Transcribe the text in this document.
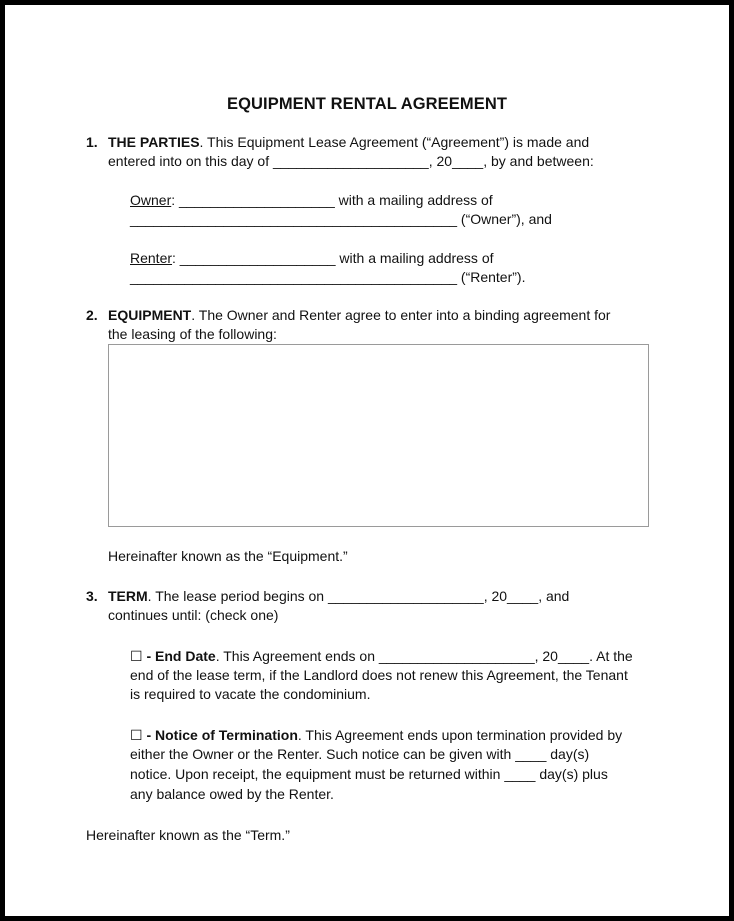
EQUIPMENT RENTAL AGREEMENT
1. THE PARTIES. This Equipment Lease Agreement (“Agreement”) is made and
entered into on this day of ____________________, 20____, by and between:
Owner: ____________________ with a mailing address of
__________________________________________ (“Owner”), and
Renter: ____________________ with a mailing address of
__________________________________________ (“Renter”).
2. EQUIPMENT. The Owner and Renter agree to enter into a binding agreement for
the leasing of the following:
Hereinafter known as the “Equipment.”
3. TERM. The lease period begins on ____________________, 20____, and
continues until: (check one)
☐ - End Date. This Agreement ends on ____________________, 20____. At the
end of the lease term, if the Landlord does not renew this Agreement, the Tenant
is required to vacate the condominium.
☐ - Notice of Termination. This Agreement ends upon termination provided by
either the Owner or the Renter. Such notice can be given with ____ day(s)
notice. Upon receipt, the equipment must be returned within ____ day(s) plus
any balance owed by the Renter.
Hereinafter known as the “Term.”
